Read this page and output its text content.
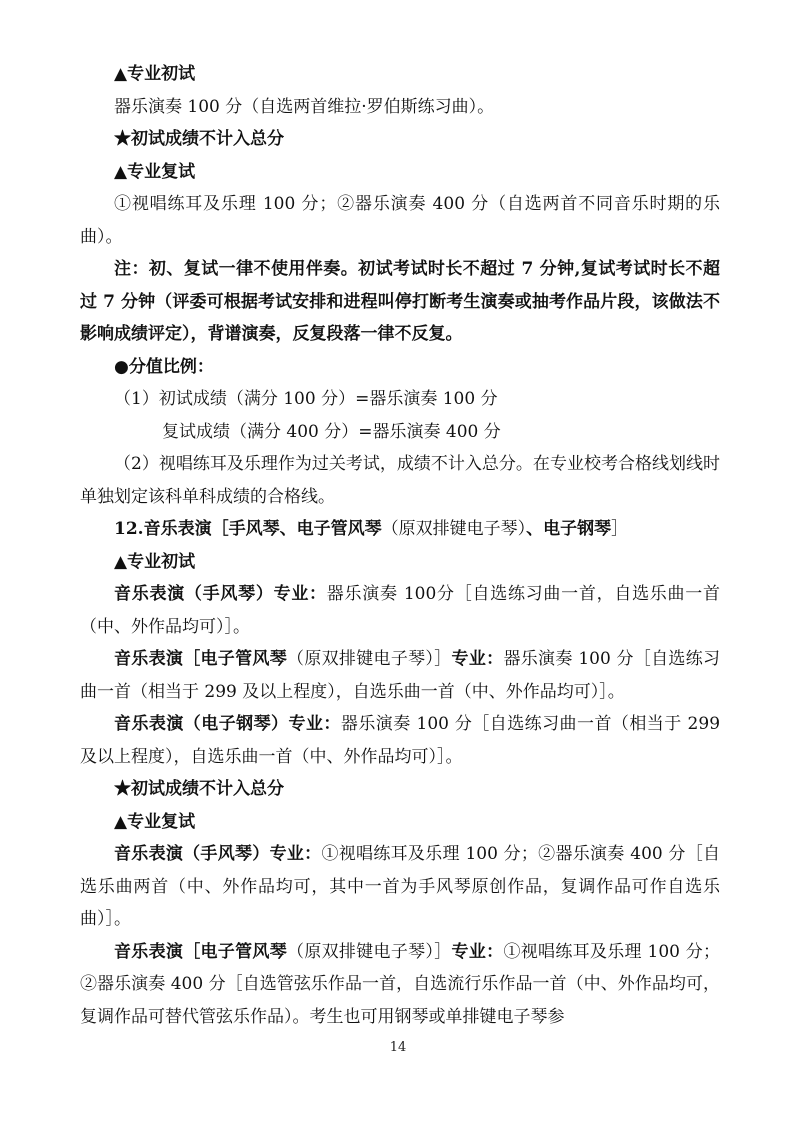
▲专业初试

器乐演奏 100 分（自选两首维拉·罗伯斯练习曲）。

★初试成绩不计入总分

▲专业复试

①视唱练耳及乐理 100 分；②器乐演奏 400 分（自选两首不同音乐时期的乐曲）。

注：初、复试一律不使用伴奏。初试考试时长不超过 7 分钟,复试考试时长不超过 7 分钟（评委可根据考试安排和进程叫停打断考生演奏或抽考作品片段，该做法不影响成绩评定），背谱演奏，反复段落一律不反复。

●分值比例：

（1）初试成绩（满分 100 分）=器乐演奏 100 分

复试成绩（满分 400 分）=器乐演奏 400 分

（2）视唱练耳及乐理作为过关考试，成绩不计入总分。在专业校考合格线划线时单独划定该科单科成绩的合格线。

12.音乐表演［手风琴、电子管风琴（原双排键电子琴）、电子钢琴］

▲专业初试

音乐表演（手风琴）专业：器乐演奏 100分［自选练习曲一首，自选乐曲一首（中、外作品均可）］。

音乐表演［电子管风琴（原双排键电子琴）］专业：器乐演奏 100 分［自选练习曲一首（相当于 299 及以上程度），自选乐曲一首（中、外作品均可）］。

音乐表演（电子钢琴）专业：器乐演奏 100 分［自选练习曲一首（相当于 299 及以上程度），自选乐曲一首（中、外作品均可）］。

★初试成绩不计入总分

▲专业复试

音乐表演（手风琴）专业：①视唱练耳及乐理 100 分；②器乐演奏 400 分［自选乐曲两首（中、外作品均可，其中一首为手风琴原创作品，复调作品可作自选乐曲）］。

音乐表演［电子管风琴（原双排键电子琴）］专业：①视唱练耳及乐理 100 分；②器乐演奏 400 分［自选管弦乐作品一首，自选流行乐作品一首（中、外作品均可，复调作品可替代管弦乐作品）。考生也可用钢琴或单排键电子琴参

14
